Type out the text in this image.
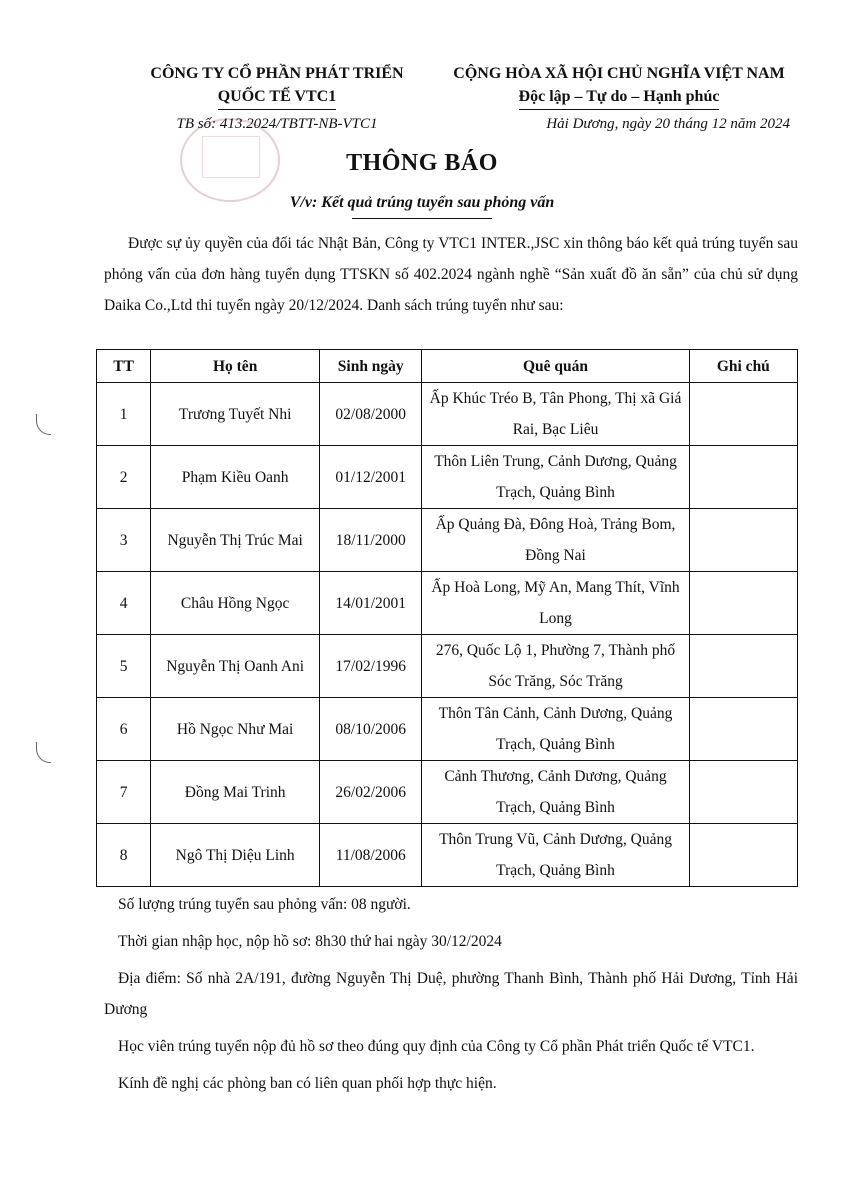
CÔNG TY CỔ PHẦN PHÁT TRIỂN
QUỐC TẾ VTC1
TB số: 413.2024/TBTT-NB-VTC1
CỘNG HÒA XÃ HỘI CHỦ NGHĨA VIỆT NAM
Độc lập – Tự do – Hạnh phúc
Hải Dương, ngày 20 tháng 12 năm 2024
THÔNG BÁO
V/v: Kết quả trúng tuyển sau phỏng vấn
Được sự ủy quyền của đối tác Nhật Bản, Công ty VTC1 INTER.,JSC xin thông báo kết quả trúng tuyển sau phỏng vấn của đơn hàng tuyển dụng TTSKN số 402.2024 ngành nghề “Sản xuất đồ ăn sẵn” của chủ sử dụng Daika Co.,Ltd thi tuyển ngày 20/12/2024. Danh sách trúng tuyển như sau:
TT	Họ tên	Sinh ngày	Quê quán	Ghi chú
1	Trương Tuyết Nhi	02/08/2000	Ấp Khúc Tréo B, Tân Phong, Thị xã Giá Rai, Bạc Liêu	
2	Phạm Kiều Oanh	01/12/2001	Thôn Liên Trung, Cảnh Dương, Quảng Trạch, Quảng Bình	
3	Nguyễn Thị Trúc Mai	18/11/2000	Ấp Quảng Đà, Đông Hoà, Trảng Bom, Đồng Nai	
4	Châu Hồng Ngọc	14/01/2001	Ấp Hoà Long, Mỹ An, Mang Thít, Vĩnh Long	
5	Nguyễn Thị Oanh Ani	17/02/1996	276, Quốc Lộ 1, Phường 7, Thành phố Sóc Trăng, Sóc Trăng	
6	Hồ Ngọc Như Mai	08/10/2006	Thôn Tân Cảnh, Cảnh Dương, Quảng Trạch, Quảng Bình	
7	Đồng Mai Trinh	26/02/2006	Cảnh Thương, Cảnh Dương, Quảng Trạch, Quảng Bình	
8	Ngô Thị Diệu Linh	11/08/2006	Thôn Trung Vũ, Cảnh Dương, Quảng Trạch, Quảng Bình	

Số lượng trúng tuyển sau phỏng vấn: 08 người.

Thời gian nhập học, nộp hồ sơ: 8h30 thứ hai ngày 30/12/2024

Địa điểm: Số nhà 2A/191, đường Nguyễn Thị Duệ, phường Thanh Bình, Thành phố Hải Dương, Tỉnh Hải Dương

Học viên trúng tuyển nộp đủ hồ sơ theo đúng quy định của Công ty Cổ phần Phát triển Quốc tế VTC1.

Kính đề nghị các phòng ban có liên quan phối hợp thực hiện.
